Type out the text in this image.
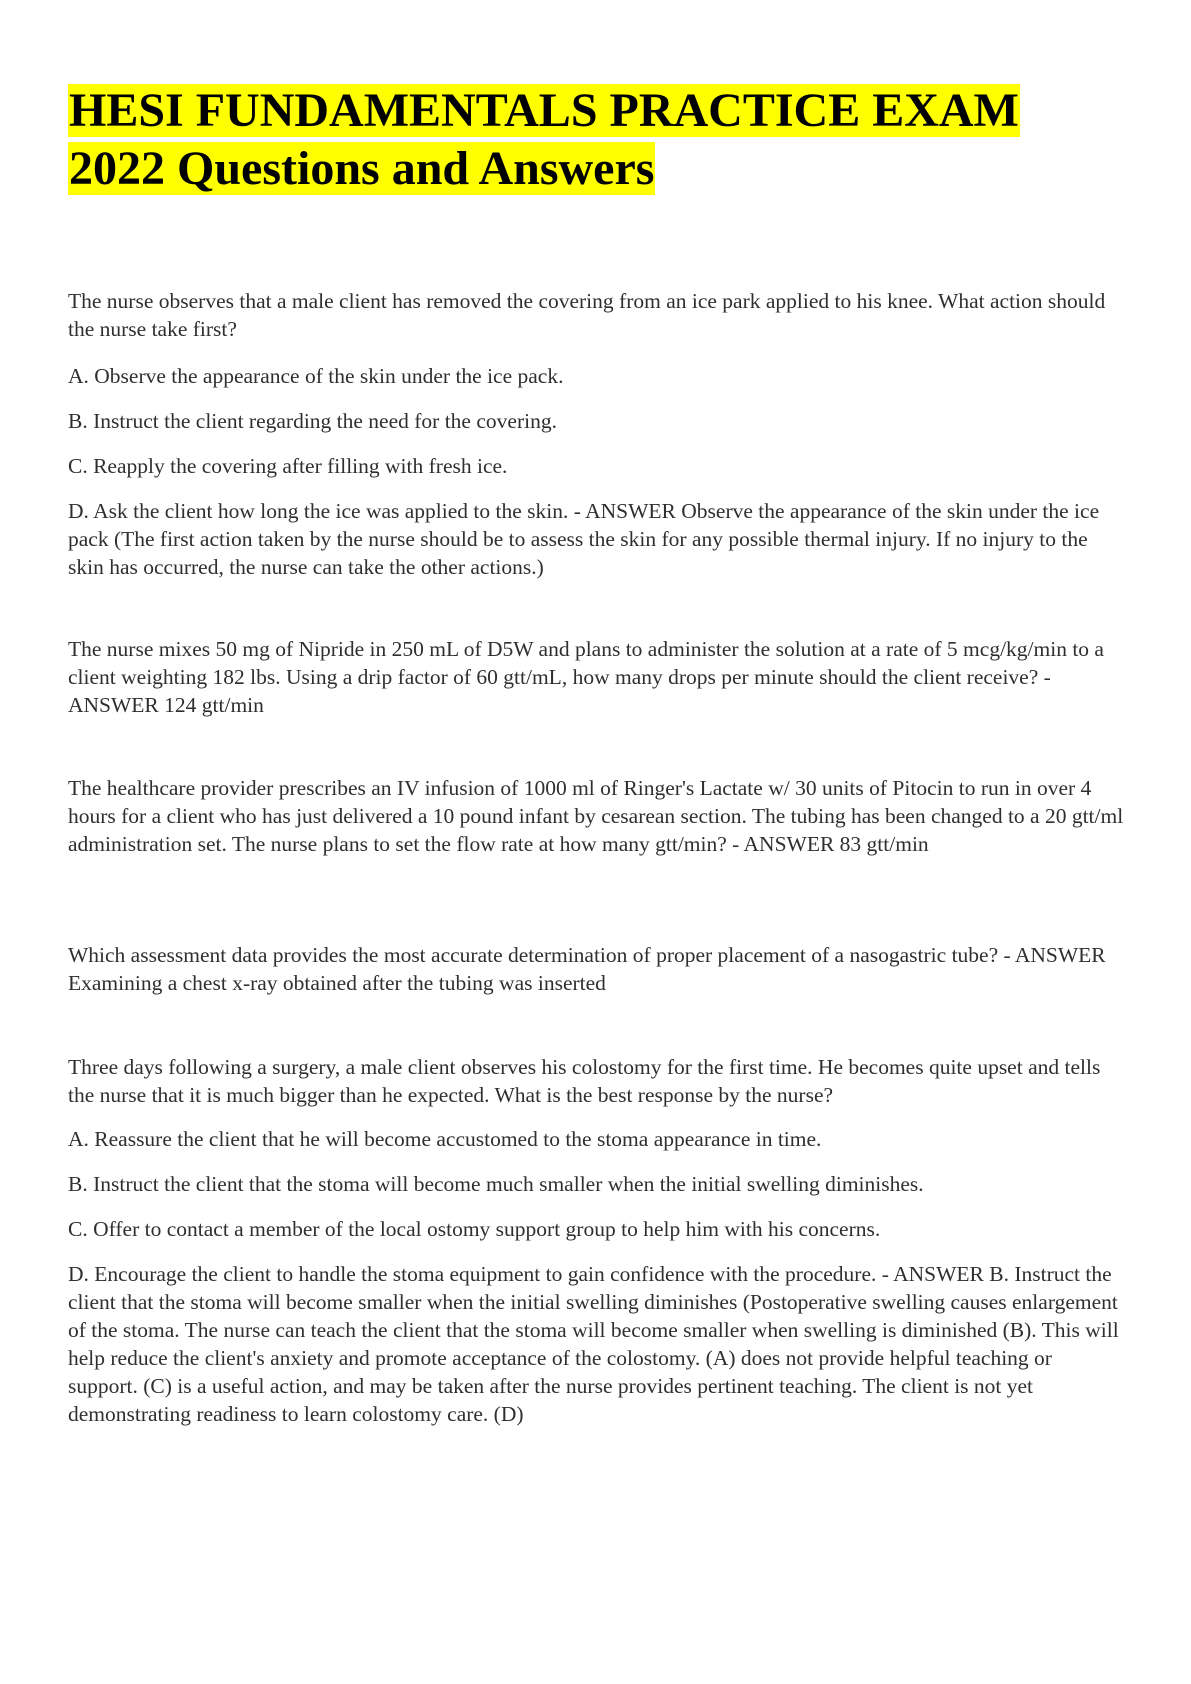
HESI FUNDAMENTALS PRACTICE EXAM
2022 Questions and Answers

The nurse observes that a male client has removed the covering from an ice park applied to his knee. What action should the nurse take first?

A. Observe the appearance of the skin under the ice pack.

B. Instruct the client regarding the need for the covering.

C. Reapply the covering after filling with fresh ice.

D. Ask the client how long the ice was applied to the skin. - ANSWER Observe the appearance of the skin under the ice pack (The first action taken by the nurse should be to assess the skin for any possible thermal injury. If no injury to the skin has occurred, the nurse can take the other actions.)

The nurse mixes 50 mg of Nipride in 250 mL of D5W and plans to administer the solution at a rate of 5 mcg/kg/min to a client weighting 182 lbs. Using a drip factor of 60 gtt/mL, how many drops per minute should the client receive? - ANSWER 124 gtt/min

The healthcare provider prescribes an IV infusion of 1000 ml of Ringer's Lactate w/ 30 units of Pitocin to run in over 4 hours for a client who has just delivered a 10 pound infant by cesarean section. The tubing has been changed to a 20 gtt/ml administration set. The nurse plans to set the flow rate at how many gtt/min? - ANSWER 83 gtt/min

Which assessment data provides the most accurate determination of proper placement of a nasogastric tube? - ANSWER Examining a chest x-ray obtained after the tubing was inserted

Three days following a surgery, a male client observes his colostomy for the first time. He becomes quite upset and tells the nurse that it is much bigger than he expected. What is the best response by the nurse?

A. Reassure the client that he will become accustomed to the stoma appearance in time.

B. Instruct the client that the stoma will become much smaller when the initial swelling diminishes.

C. Offer to contact a member of the local ostomy support group to help him with his concerns.

D. Encourage the client to handle the stoma equipment to gain confidence with the procedure. - ANSWER B. Instruct the client that the stoma will become smaller when the initial swelling diminishes (Postoperative swelling causes enlargement of the stoma. The nurse can teach the client that the stoma will become smaller when swelling is diminished (B). This will help reduce the client's anxiety and promote acceptance of the colostomy. (A) does not provide helpful teaching or support. (C) is a useful action, and may be taken after the nurse provides pertinent teaching. The client is not yet demonstrating readiness to learn colostomy care. (D)
